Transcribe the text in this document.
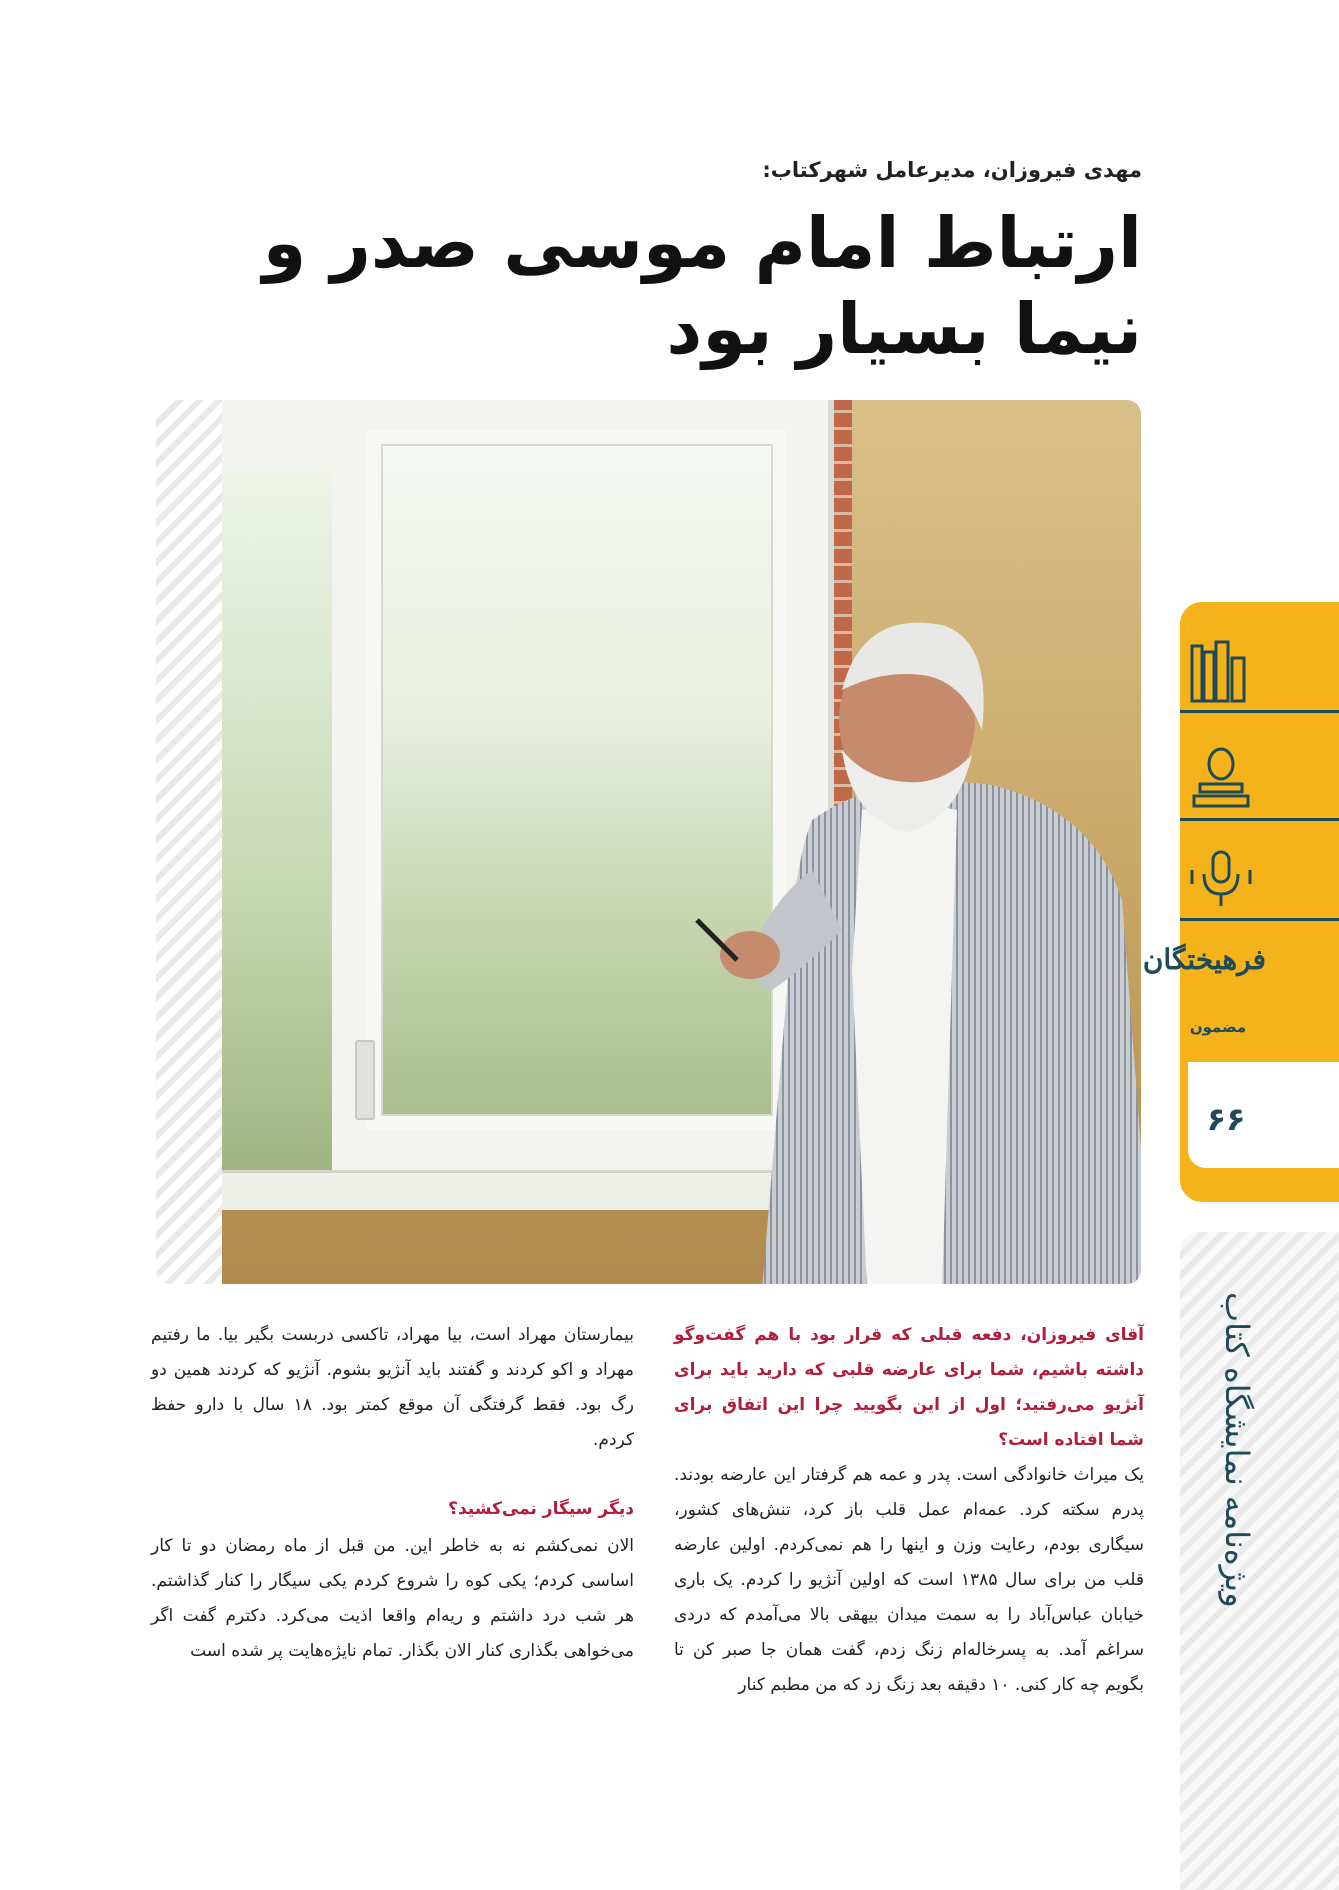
مهدی فیروزان، مدیرعامل شهرکتاب:
ارتباط امام موسی صدر و نیما بسیار بود
فرهیختگان
مضمون
۶۶
ویژه‌نامه نمایشگاه کتاب
آقای فیروزان، دفعه قبلی که قرار بود با هم گفت‌وگو داشته باشیم، شما برای عارضه قلبی که دارید باید برای آنژیو می‌رفتید؛ اول از این بگویید چرا این اتفاق برای شما افتاده است؟
یک میراث خانوادگی است. پدر و عمه هم گرفتار این عارضه بودند. پدرم سکته کرد. عمه‌ام عمل قلب باز کرد، تنش‌های کشور، سیگاری بودم، رعایت وزن و اینها را هم نمی‌کردم. اولین عارضه قلب من برای سال ۱۳۸۵ است که اولین آنژیو را کردم. یک باری خیابان عباس‌آباد را به سمت میدان بیهقی بالا می‌آمدم که دردی سراغم آمد. به پسرخاله‌ام زنگ زدم، گفت همان جا صبر کن تا بگویم چه کار کنی. ۱۰ دقیقه بعد زنگ زد که من مطبم کنار
بیمارستان مهراد است، بیا مهراد، تاکسی دربست بگیر بیا. ما رفتیم مهراد و اکو کردند و گفتند باید آنژیو بشوم. آنژیو که کردند همین دو رگ بود. فقط گرفتگی آن موقع کمتر بود. ۱۸ سال با دارو حفظ کردم.
دیگر سیگار نمی‌کشید؟
الان نمی‌کشم نه به خاطر این. من قبل از ماه رمضان دو تا کار اساسی کردم؛ یکی کوه را شروع کردم یکی سیگار را کنار گذاشتم. هر شب درد داشتم و ریه‌ام واقعا اذیت می‌کرد. دکترم گفت اگر می‌خواهی بگذاری کنار الان بگذار. تمام نایژه‌هایت پر شده است
